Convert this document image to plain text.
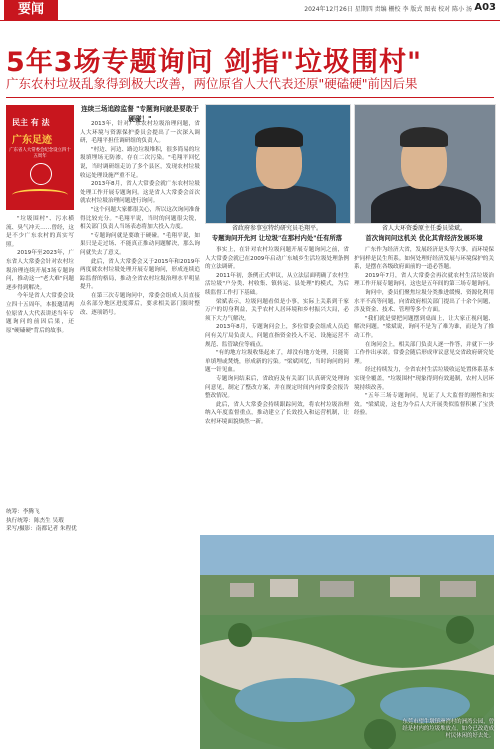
要闻	2024年12月26日 星期四 责编 栅校 李 版式 图表 校对 陈小 汤 A03
5年3场专题询问 剑指"垃圾围村"
广东农村垃圾乱象得到极大改善，两位原省人大代表还原"硬磕硬"前因后果
民主 有 法
广东足迹
广东省人大常委会纪念设立四十五周年

"垃圾围村"、污水横流、臭气冲天……曾经，这是不少广东农村的真实写照。

2019年至2023年，广东省人大常委会针对农村垃圾治理连续开展3场专题询问，推动这一"老大难"问题逐步得到解决。

今年是省人大常委会设立四十五周年，本报邀请两位原省人大代表讲述当年专题询问的前因后果，还原"硬磕硬"背后的故事。

统筹：李腾飞
执行统筹：陈杰生 吴瑕
采写/摄影：南都记者 朱程优
连续三场追踪监督 "专题询问就是要敢于硬碰！"

2013年，针对广东农村垃圾治理问题，省人大环境与资源保护委员会提出了一次深入调研，毛翔平担任调研组的负责人。

"村边、河边、路边垃圾堆积，很多简易的垃圾填埋场无防渗，存在二次污染。"毛翔平回忆说，当时调研组走访了多个县区，发现农村垃圾收运处理设施严重不足。

2013年8月，省人大常委会就广东农村垃圾处理工作开展专题询问。这是省人大常委会首次就农村垃圾治理问题进行询问。

"这个问题大家都很关心，所以这次询问准备得比较充分。"毛翔平说，当时的问题很尖锐，相关部门负责人当场表态将加大投入力度。

"专题询问就是要敢于硬碰。"毛翔平说，如果只是走过场、不能真正推动问题解决，那么询问就失去了意义。

此后，省人大常委会又于2015年和2019年两度就农村垃圾处理开展专题询问，形成连续追踪监督的格局，推动全省农村垃圾治理水平明显提升。

在第三次专题询问中，常委会组成人员直接点名部分地区进度滞后，要求相关部门限时整改、逐项销号。

省政府参事室特约研究员毛翔平。	省人大环资委原主任委员梁斌。
专题询问开先河 让垃圾"在那村内处"任有所落

事实上，在针对农村垃圾问题开展专题询问之前，省人大常委会就已在2009年启动广东城乡生活垃圾处理条例的立法调研。

2011年初，条例正式审议，从立法层面明确了农村生活垃圾"户分类、村收集、镇转运、县处理"的模式，为后续监督工作打下基础。

梁斌表示，垃圾问题看似是小事，实际上关系到千家万户的切身利益，关乎农村人居环境和乡村振兴大局，必须下大力气解决。

2013年8月，专题询问会上，多位常委会组成人员追问有关厅局负责人，问题直指资金投入不足、设施运营不规范、监管缺位等痛点。

"有的地方垃圾收集起来了，却没有地方处理，只能简单填埋或焚烧，形成新的污染。"梁斌回忆，当时询问的问题一针见血。

专题询问结束后，省政府及有关部门认真研究处理询问意见，制定了整改方案，并在规定时间内向常委会报告整改情况。

此后，省人大常委会持续跟踪问效，将农村垃圾治理纳入年度监督重点，推动建立了长效投入和运营机制，让农村环境面貌焕然一新。

首次询问问这机关 优化其背经济发展环境

广东作为经济大省，发展经济是头等大事，而环境保护同样是民生所系。如何处理好经济发展与环境保护的关系，是摆在各级政府面前的一道必答题。

2019年7月，省人大常委会再次就农村生活垃圾治理工作开展专题询问，这也是五年间的第三场专题询问。

询问中，委员们聚焦垃圾分类推进缓慢、资源化利用水平不高等问题，向省政府相关部门提出了十余个问题，涉及资金、技术、管理等多个方面。

"我们就是要把问题摆到桌面上，让大家正视问题、解决问题。"梁斌说，询问不是为了难为谁，而是为了推动工作。

在询问会上，相关部门负责人逐一作答，并就下一步工作作出承诺。常委会随后形成审议意见交省政府研究处理。

经过持续发力，全省农村生活垃圾收运处置体系基本实现全覆盖，"垃圾围村"现象得到有效遏制，农村人居环境持续改善。

"五年三场专题询问，见证了人大监督的刚性和实效。"梁斌说，这也为今后人大开展类似监督积累了宝贵经验。

东莞市望牛墩镇洲湾村的洲湾公园，曾经是村内的垃圾堆放点，如今已改造成村民休闲的好去处。
